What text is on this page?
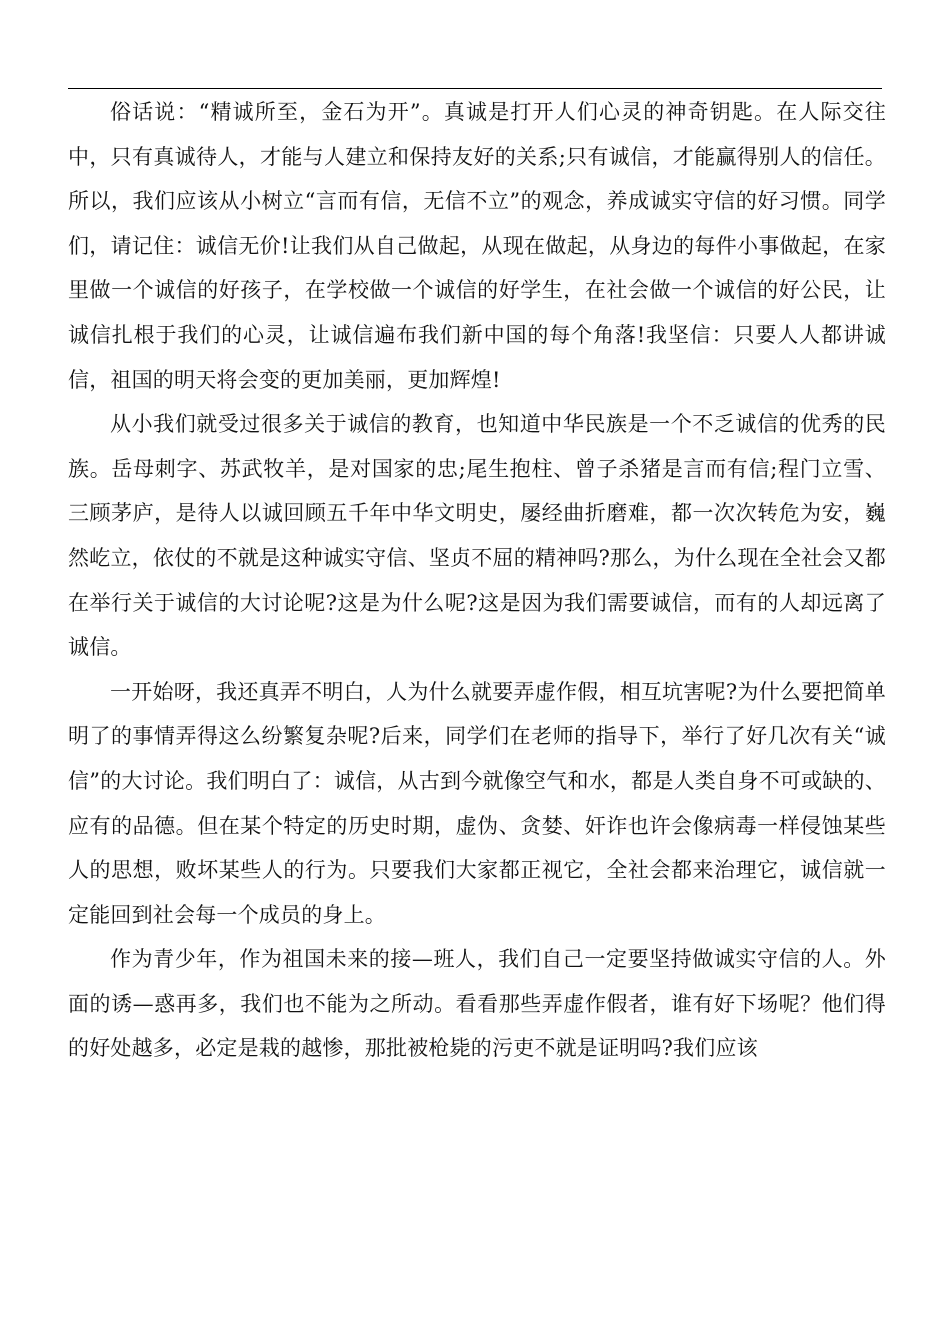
俗话说：“精诚所至，金石为开”。真诚是打开人们心灵的神奇钥匙。在人际交往中，只有真诚待人，才能与人建立和保持友好的关系;只有诚信，才能赢得别人的信任。所以，我们应该从小树立“言而有信，无信不立”的观念，养成诚实守信的好习惯。同学们，请记住：诚信无价!让我们从自己做起，从现在做起，从身边的每件小事做起，在家里做一个诚信的好孩子，在学校做一个诚信的好学生，在社会做一个诚信的好公民，让诚信扎根于我们的心灵，让诚信遍布我们新中国的每个角落!我坚信：只要人人都讲诚信，祖国的明天将会变的更加美丽，更加辉煌!

从小我们就受过很多关于诚信的教育，也知道中华民族是一个不乏诚信的优秀的民族。岳母刺字、苏武牧羊，是对国家的忠;尾生抱柱、曾子杀猪是言而有信;程门立雪、三顾茅庐，是待人以诚回顾五千年中华文明史，屡经曲折磨难，都一次次转危为安，巍然屹立，依仗的不就是这种诚实守信、坚贞不屈的精神吗?那么，为什么现在全社会又都在举行关于诚信的大讨论呢?这是为什么呢?这是因为我们需要诚信，而有的人却远离了诚信。

一开始呀，我还真弄不明白，人为什么就要弄虚作假，相互坑害呢?为什么要把简单明了的事情弄得这么纷繁复杂呢?后来，同学们在老师的指导下，举行了好几次有关“诚信”的大讨论。我们明白了：诚信，从古到今就像空气和水，都是人类自身不可或缺的、应有的品德。但在某个特定的历史时期，虚伪、贪婪、奸诈也许会像病毒一样侵蚀某些人的思想，败坏某些人的行为。只要我们大家都正视它，全社会都来治理它，诚信就一定能回到社会每一个成员的身上。

作为青少年，作为祖国未来的接—班人，我们自己一定要坚持做诚实守信的人。外面的诱—惑再多，我们也不能为之所动。看看那些弄虚作假者，谁有好下场呢？他们得的好处越多，必定是栽的越惨，那批被枪毙的污吏不就是证明吗?我们应该
